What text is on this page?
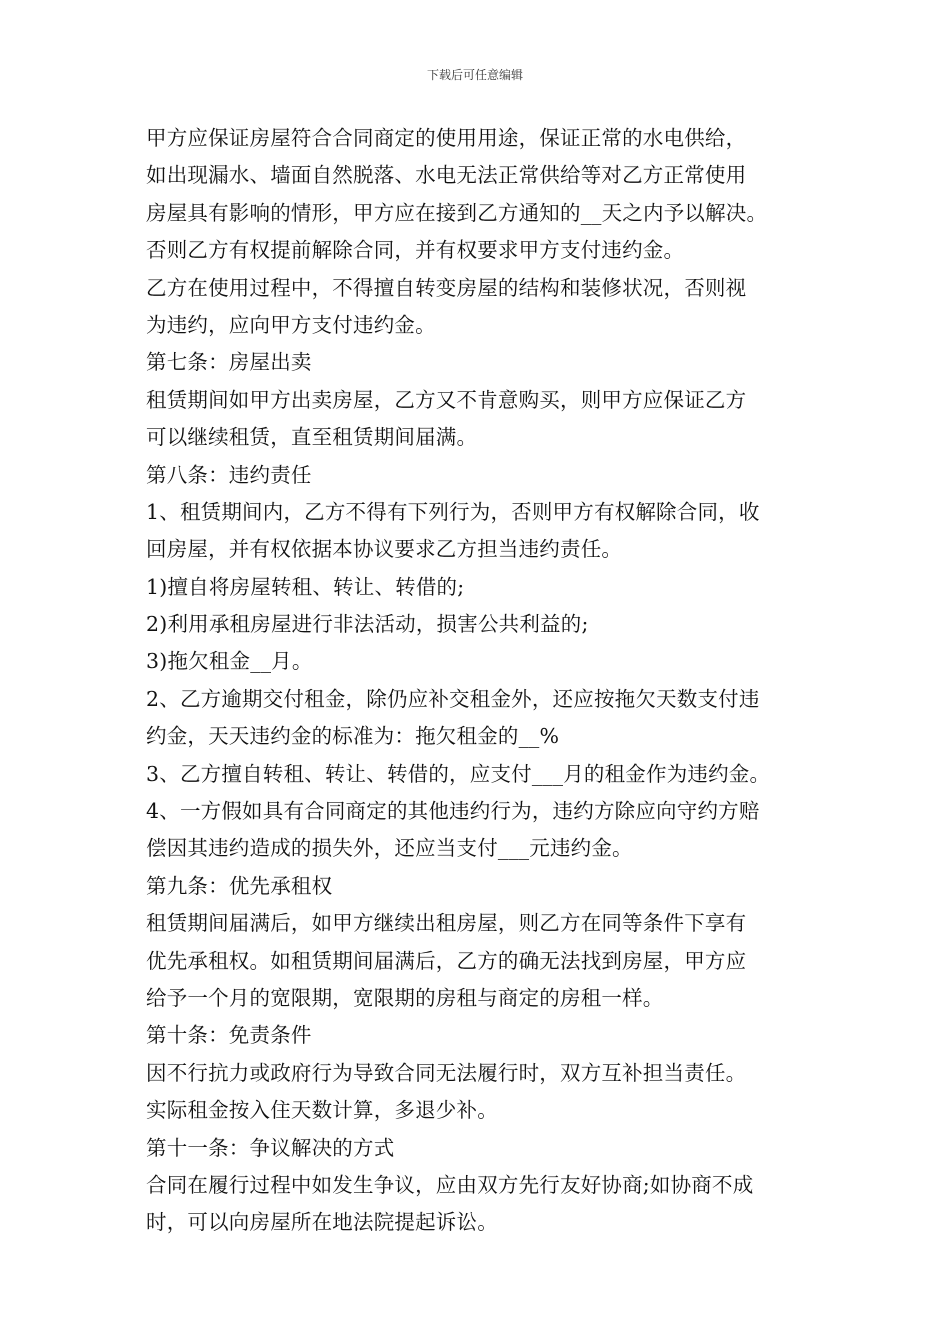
下载后可任意编辑
甲方应保证房屋符合合同商定的使用用途，保证正常的水电供给，
如出现漏水、墙面自然脱落、水电无法正常供给等对乙方正常使用
房屋具有影响的情形，甲方应在接到乙方通知的__天之内予以解决。
否则乙方有权提前解除合同，并有权要求甲方支付违约金。
乙方在使用过程中，不得擅自转变房屋的结构和装修状况，否则视
为违约，应向甲方支付违约金。
第七条：房屋出卖
租赁期间如甲方出卖房屋，乙方又不肯意购买，则甲方应保证乙方
可以继续租赁，直至租赁期间届满。
第八条：违约责任
1、租赁期间内，乙方不得有下列行为，否则甲方有权解除合同，收
回房屋，并有权依据本协议要求乙方担当违约责任。
1)擅自将房屋转租、转让、转借的;
2)利用承租房屋进行非法活动，损害公共利益的;
3)拖欠租金__月。
2、乙方逾期交付租金，除仍应补交租金外，还应按拖欠天数支付违
约金，天天违约金的标准为：拖欠租金的__%
3、乙方擅自转租、转让、转借的，应支付___月的租金作为违约金。
4、一方假如具有合同商定的其他违约行为，违约方除应向守约方赔
偿因其违约造成的损失外，还应当支付___元违约金。
第九条：优先承租权
租赁期间届满后，如甲方继续出租房屋，则乙方在同等条件下享有
优先承租权。如租赁期间届满后，乙方的确无法找到房屋，甲方应
给予一个月的宽限期，宽限期的房租与商定的房租一样。
第十条：免责条件
因不行抗力或政府行为导致合同无法履行时，双方互补担当责任。
实际租金按入住天数计算，多退少补。
第十一条：争议解决的方式
合同在履行过程中如发生争议，应由双方先行友好协商;如协商不成
时，可以向房屋所在地法院提起诉讼。
